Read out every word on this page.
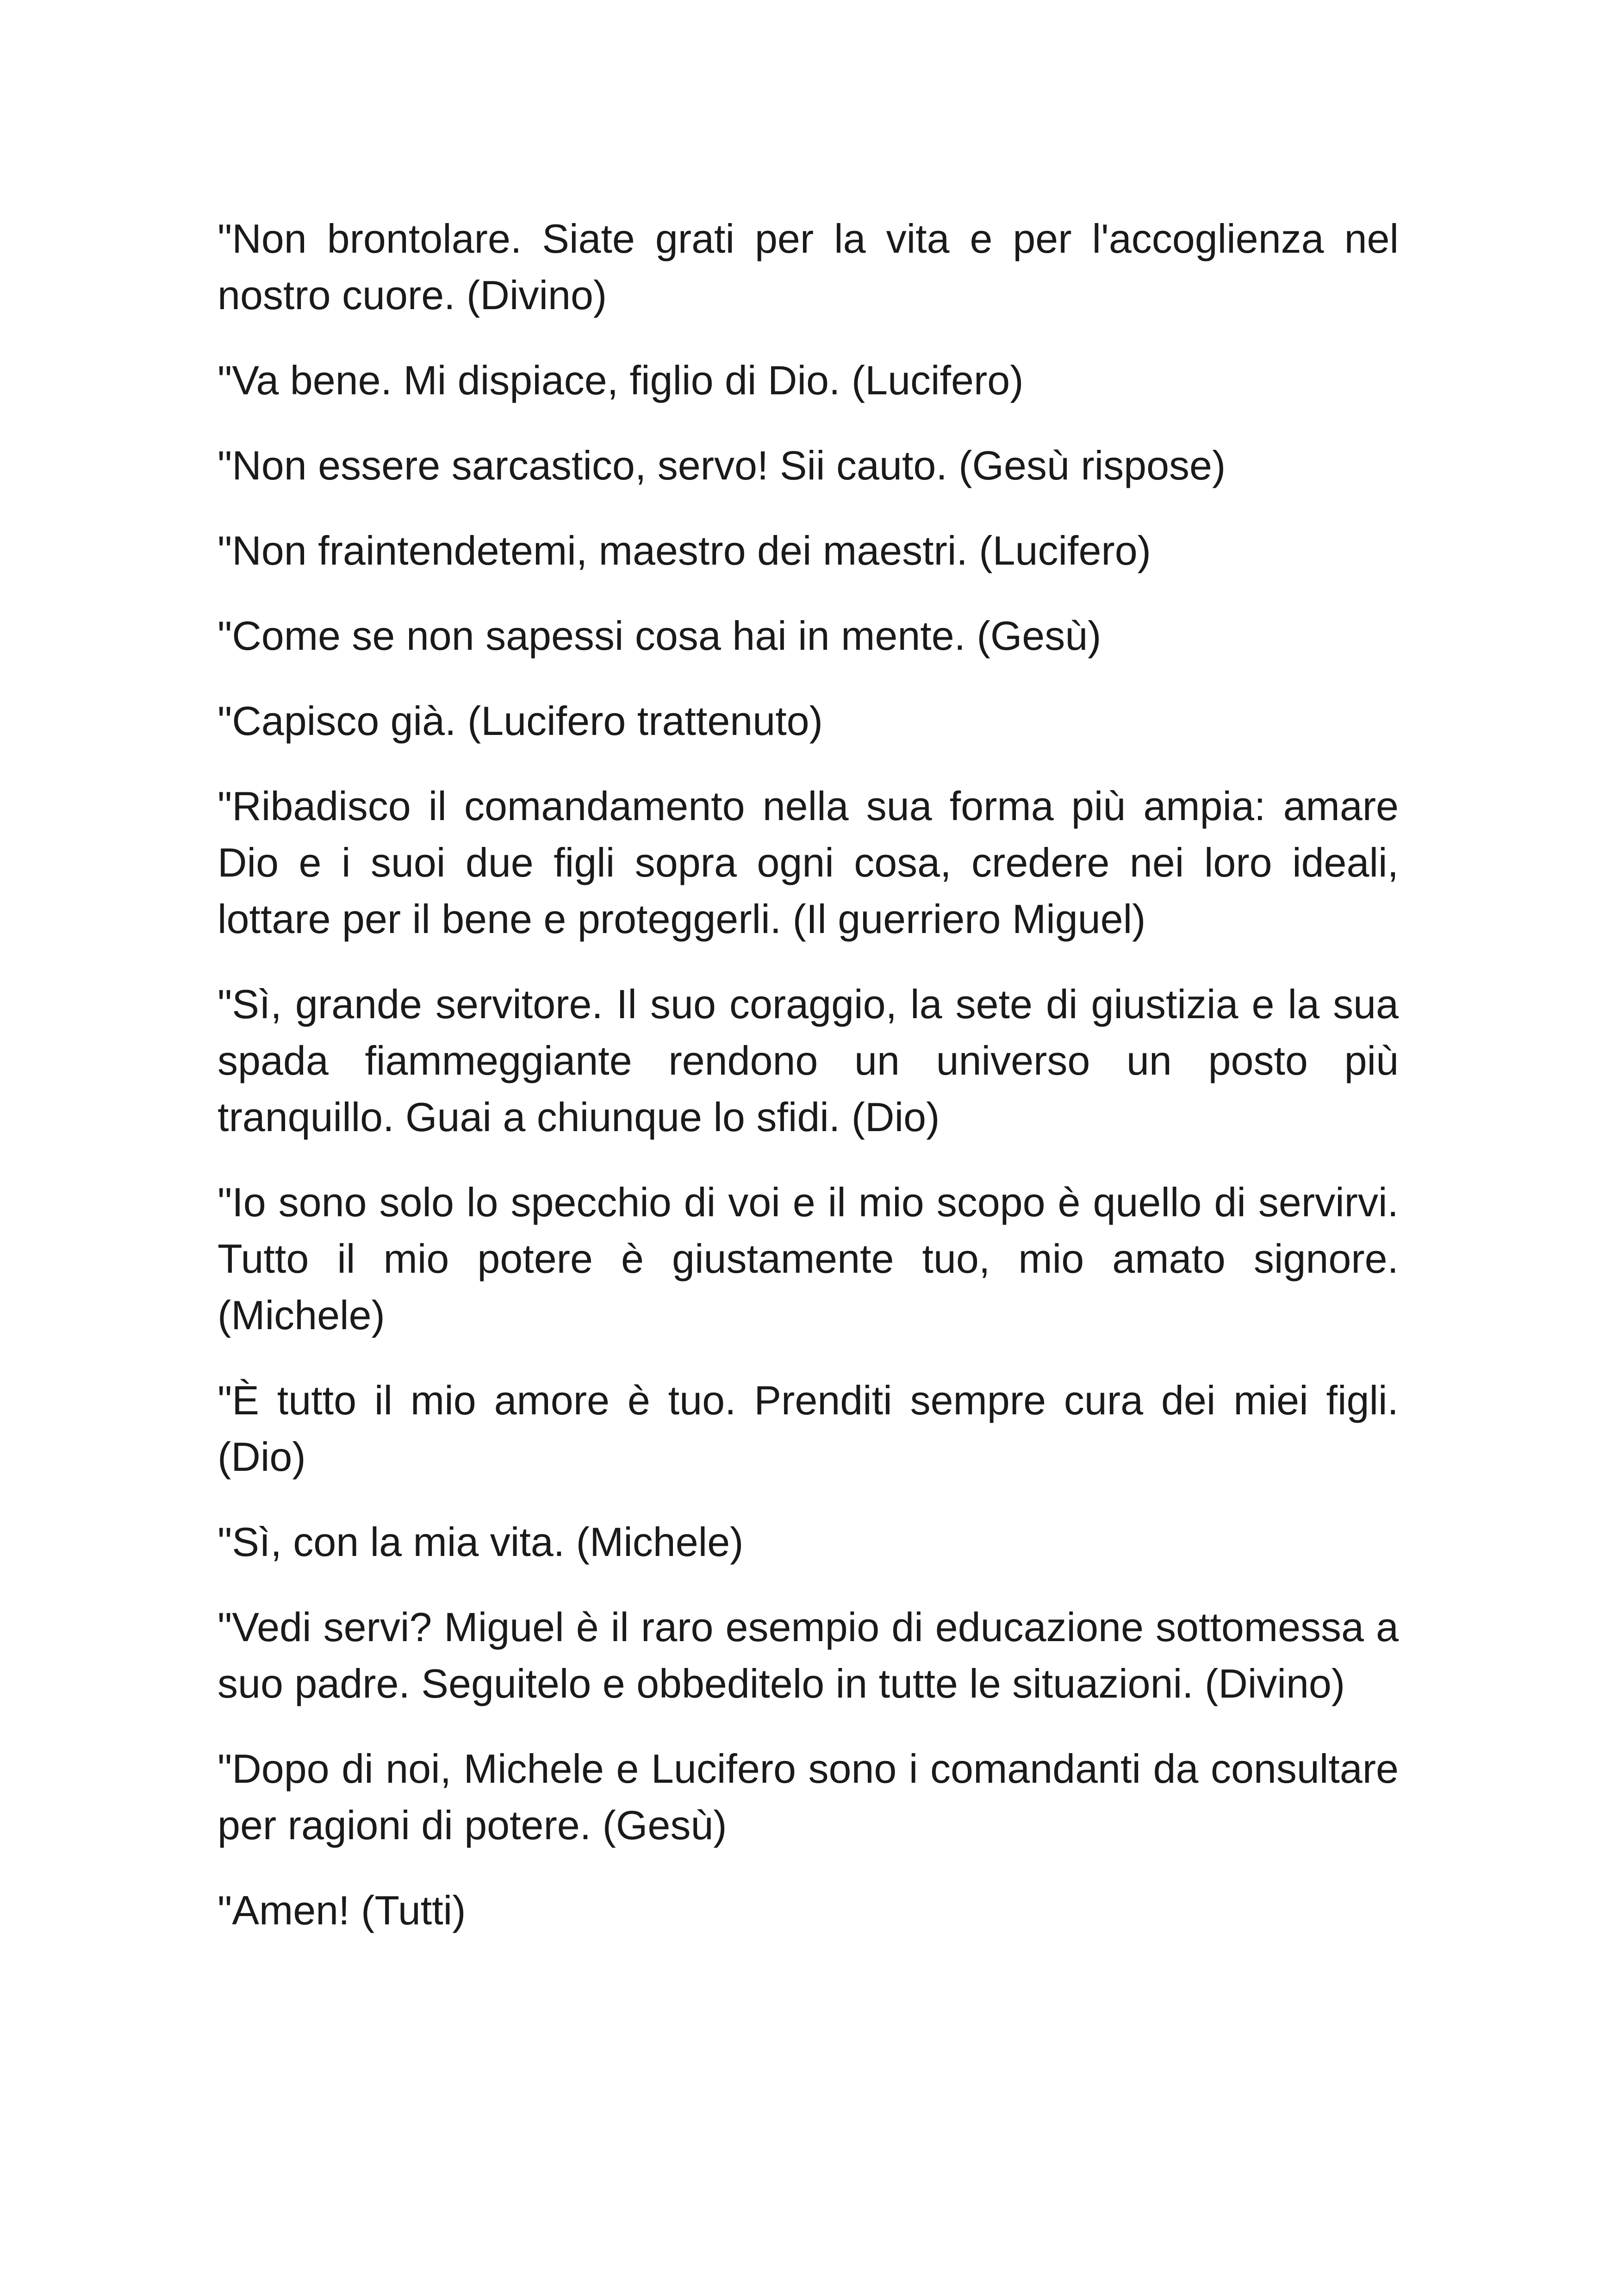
"Non brontolare. Siate grati per la vita e per l'accoglienza nel nostro cuore. (Divino)

"Va bene. Mi dispiace, figlio di Dio. (Lucifero)

"Non essere sarcastico, servo! Sii cauto. (Gesù rispose)

"Non fraintendetemi, maestro dei maestri. (Lucifero)

"Come se non sapessi cosa hai in mente. (Gesù)

"Capisco già. (Lucifero trattenuto)

"Ribadisco il comandamento nella sua forma più ampia: amare Dio e i suoi due figli sopra ogni cosa, credere nei loro ideali, lottare per il bene e proteggerli. (Il guerriero Miguel)

"Sì, grande servitore. Il suo coraggio, la sete di giustizia e la sua spada fiammeggiante rendono un universo un posto più tranquillo. Guai a chiunque lo sfidi. (Dio)

"Io sono solo lo specchio di voi e il mio scopo è quello di servirvi. Tutto il mio potere è giustamente tuo, mio amato signore. (Michele)

"È tutto il mio amore è tuo. Prenditi sempre cura dei miei figli. (Dio)

"Sì, con la mia vita. (Michele)

"Vedi servi? Miguel è il raro esempio di educazione sottomessa a suo padre. Seguitelo e obbeditelo in tutte le situazioni. (Divino)

"Dopo di noi, Michele e Lucifero sono i comandanti da consultare per ragioni di potere. (Gesù)

"Amen! (Tutti)
